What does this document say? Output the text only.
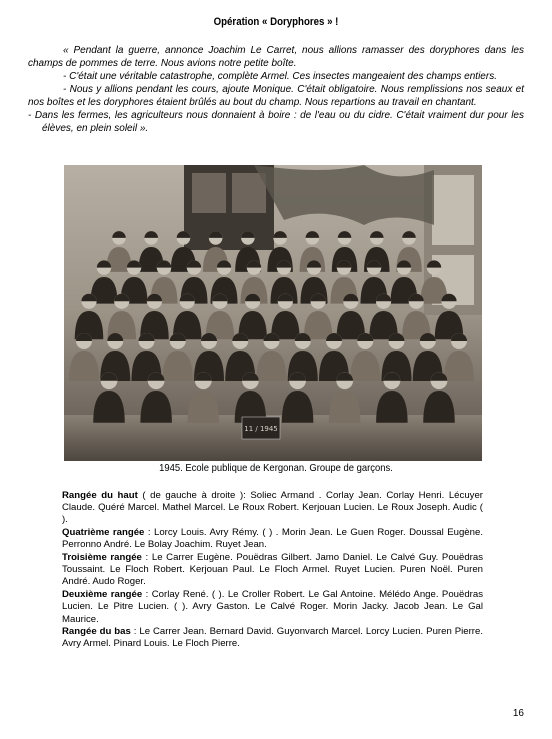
Opération « Doryphores » !

« Pendant la guerre, annonce Joachim Le Carret, nous allions ramasser des doryphores dans les champs de pommes de terre. Nous avions notre petite boîte.

- C'était une véritable catastrophe, complète Armel. Ces insectes mangeaient des champs entiers.

- Nous y allions pendant les cours, ajoute Monique. C'était obligatoire. Nous remplissions nos seaux et nos boîtes et les doryphores étaient brûlés au bout du champ. Nous repartions au travail en chantant.

- Dans les fermes, les agriculteurs nous donnaient à boire : de l'eau ou du cidre. C'était vraiment dur pour les élèves, en plein soleil ».

11 / 1945
1945. Ecole publique de Kergonan. Groupe de garçons.

Rangée du haut ( de gauche à droite ): Soliec Armand . Corlay Jean. Corlay Henri. Lécuyer Claude. Quéré Marcel. Mathel Marcel. Le Roux Robert. Kerjouan Lucien. Le Roux Joseph. Audic ( ).

Quatrième rangée : Lorcy Louis. Avry Rémy. ( ) . Morin Jean. Le Guen Roger. Doussal Eugène. Perronno André. Le Bolay Joachim. Ruyet Jean.

Troisième rangée : Le Carrer Eugène. Pouëdras Gilbert. Jamo Daniel. Le Calvé Guy. Pouëdras Toussaint. Le Floch Robert. Kerjouan Paul. Le Floch Armel. Ruyet Lucien. Puren Noël. Puren André. Audo Roger.

Deuxième rangée : Corlay René. ( ). Le Croller Robert. Le Gal Antoine. Mélédo Ange. Pouëdras Lucien. Le Pitre Lucien. ( ). Avry Gaston. Le Calvé Roger. Morin Jacky. Jacob Jean. Le Gal Maurice.

Rangée du bas : Le Carrer Jean. Bernard David. Guyonvarch Marcel. Lorcy Lucien. Puren Pierre. Avry Armel. Pinard Louis. Le Floch Pierre.

16
